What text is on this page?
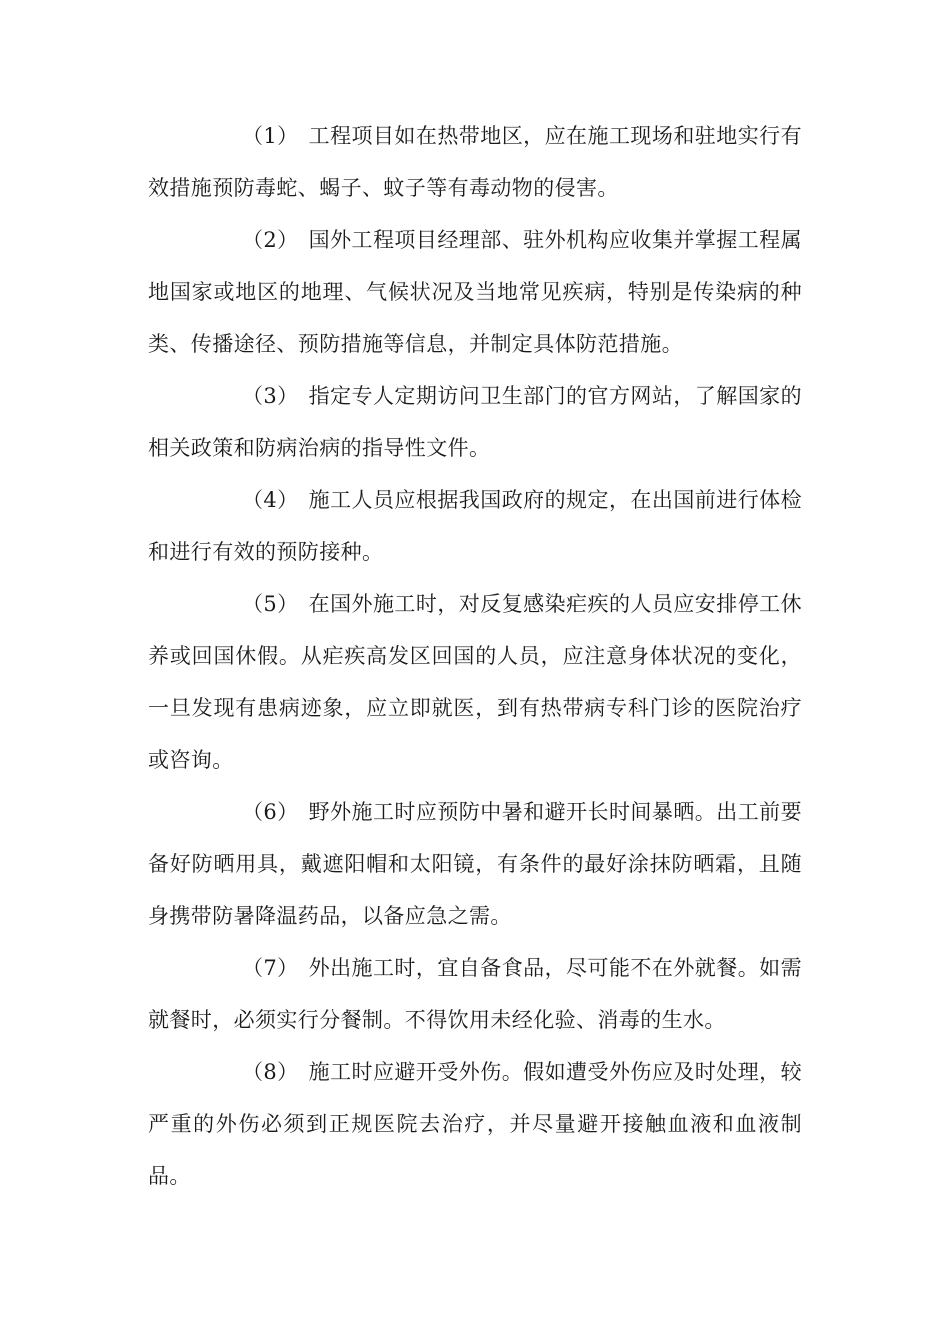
（1） 工程项目如在热带地区，应在施工现场和驻地实行有效措施预防毒蛇、蝎子、蚊子等有毒动物的侵害。

（2） 国外工程项目经理部、驻外机构应收集并掌握工程属地国家或地区的地理、气候状况及当地常见疾病，特别是传染病的种类、传播途径、预防措施等信息，并制定具体防范措施。

（3） 指定专人定期访问卫生部门的官方网站，了解国家的相关政策和防病治病的指导性文件。

（4） 施工人员应根据我国政府的规定，在出国前进行体检和进行有效的预防接种。

（5） 在国外施工时，对反复感染疟疾的人员应安排停工休养或回国休假。从疟疾高发区回国的人员，应注意身体状况的变化，一旦发现有患病迹象，应立即就医，到有热带病专科门诊的医院治疗或咨询。

（6） 野外施工时应预防中暑和避开长时间暴晒。出工前要备好防晒用具，戴遮阳帽和太阳镜，有条件的最好涂抹防晒霜，且随身携带防暑降温药品，以备应急之需。

（7） 外出施工时，宜自备食品，尽可能不在外就餐。如需就餐时，必须实行分餐制。不得饮用未经化验、消毒的生水。

（8） 施工时应避开受外伤。假如遭受外伤应及时处理，较严重的外伤必须到正规医院去治疗，并尽量避开接触血液和血液制品。
